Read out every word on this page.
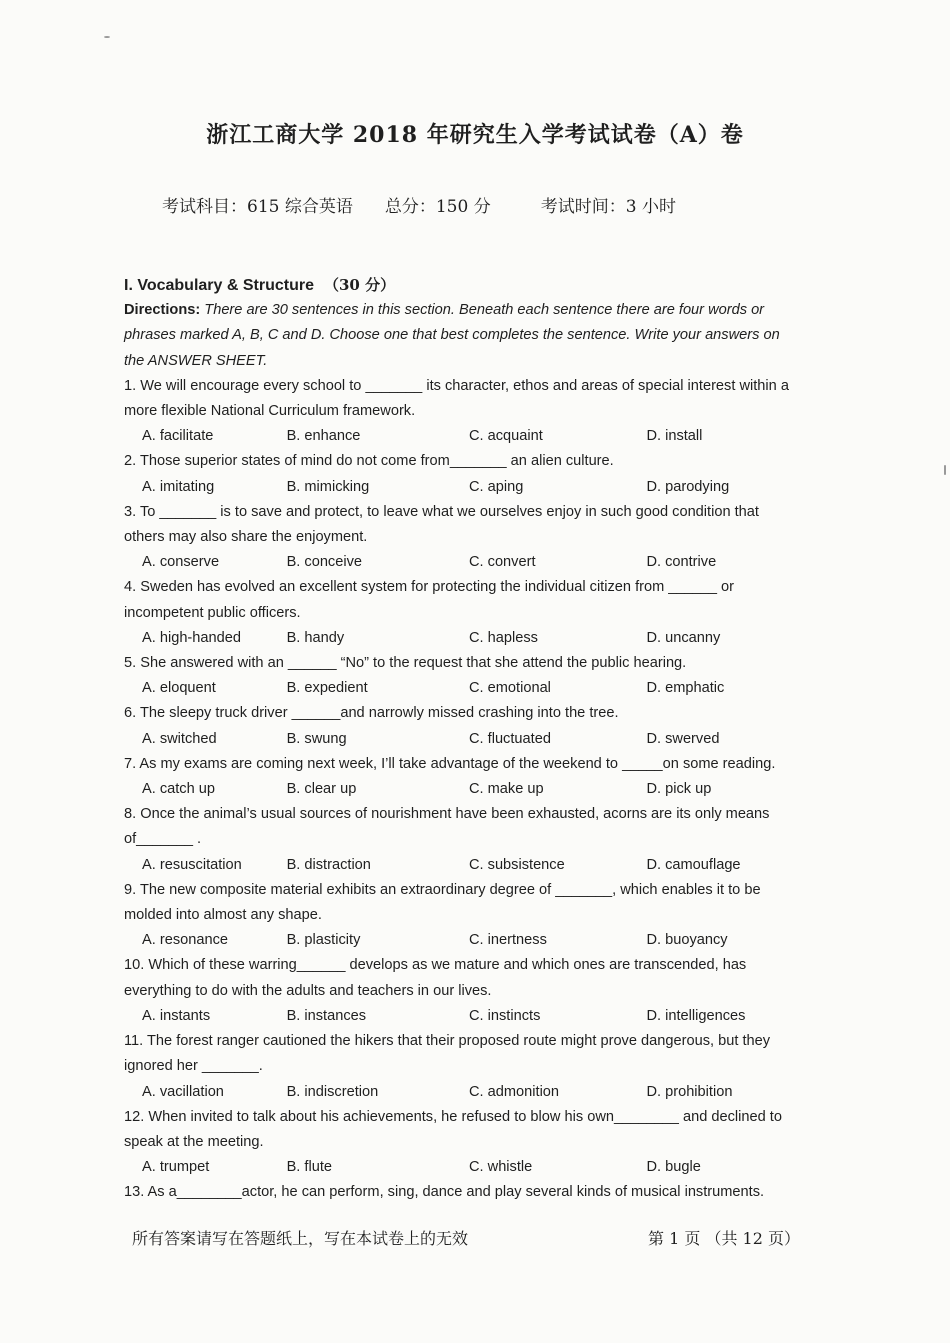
浙江工商大学 2018 年研究生入学考试试卷（A）卷
考试科目：615 综合英语 总分：150 分	考试时间：3 小时
I. Vocabulary & Structure （30 分）
Directions: There are 30 sentences in this section. Beneath each sentence there are four words or phrases marked A, B, C and D. Choose one that best completes the sentence. Write your answers on the ANSWER SHEET.
1. We will encourage every school to _______ its character, ethos and areas of special interest within a more flexible National Curriculum framework.
A. facilitate	B. enhance	C. acquaint	D. install
2. Those superior states of mind do not come from_______ an alien culture.
A. imitating	B. mimicking	C. aping	D. parodying
3. To _______ is to save and protect, to leave what we ourselves enjoy in such good condition that others may also share the enjoyment.
A. conserve	B. conceive	C. convert	D. contrive
4. Sweden has evolved an excellent system for protecting the individual citizen from ______ or incompetent public officers.
A. high-handed	B. handy	C. hapless	D. uncanny
5. She answered with an ______ “No” to the request that she attend the public hearing.
A. eloquent	B. expedient	C. emotional	D. emphatic
6. The sleepy truck driver ______and narrowly missed crashing into the tree.
A. switched	B. swung	C. fluctuated	D. swerved
7. As my exams are coming next week, I’ll take advantage of the weekend to _____on some reading.
A. catch up	B. clear up	C. make up	D. pick up
8. Once the animal’s usual sources of nourishment have been exhausted, acorns are its only means of_______ .
A. resuscitation	B. distraction	C. subsistence	D. camouflage
9. The new composite material exhibits an extraordinary degree of _______, which enables it to be molded into almost any shape.
A. resonance	B. plasticity	C. inertness	D. buoyancy
10. Which of these warring______ develops as we mature and which ones are transcended, has everything to do with the adults and teachers in our lives.
A. instants	B. instances	C. instincts	D. intelligences
11. The forest ranger cautioned the hikers that their proposed route might prove dangerous, but they ignored her _______.
A. vacillation	B. indiscretion	C. admonition	D. prohibition
12. When invited to talk about his achievements, he refused to blow his own________ and declined to speak at the meeting.
A. trumpet	B. flute	C. whistle	D. bugle
13. As a________actor, he can perform, sing, dance and play several kinds of musical instruments.
所有答案请写在答题纸上，写在本试卷上的无效	第 1 页 （共 12 页）
